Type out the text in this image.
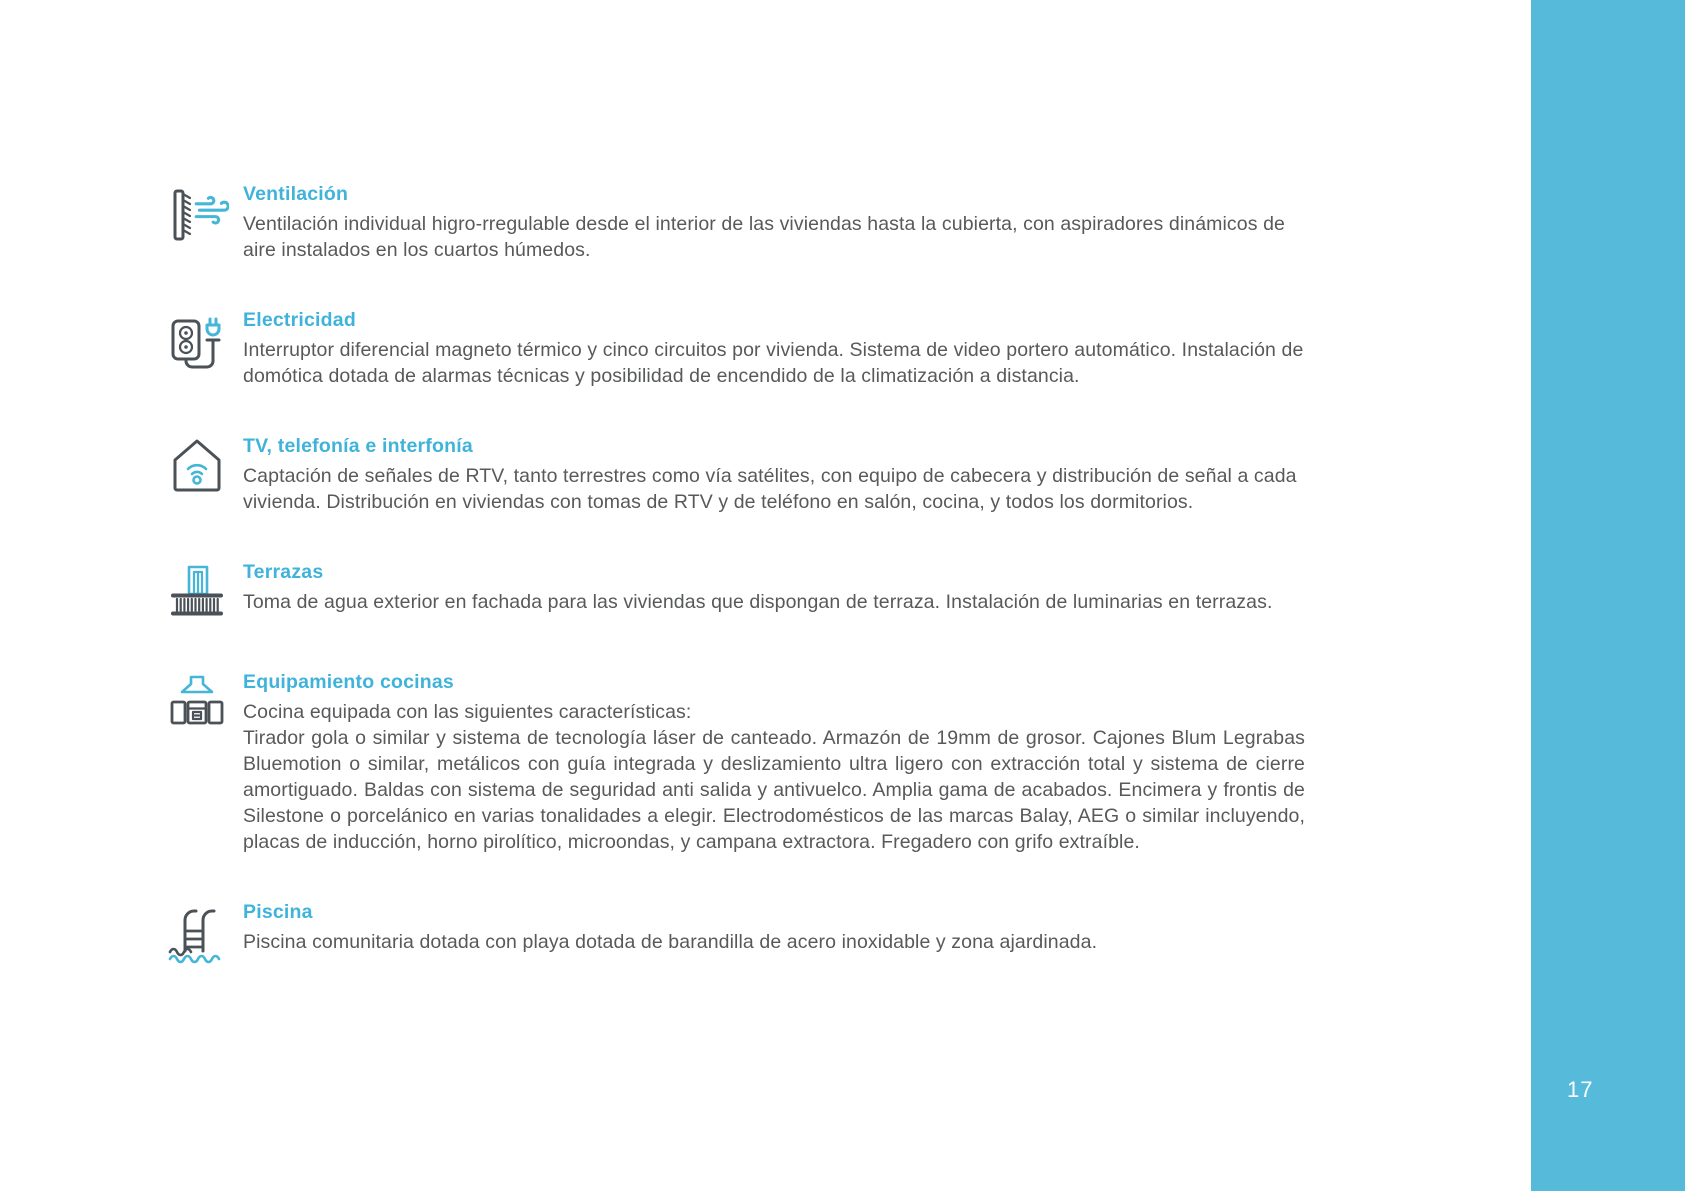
Ventilación

Ventilación individual higro-rregulable desde el interior de las viviendas hasta la cubierta, con aspiradores dinámicos de aire instalados en los cuartos húmedos.

Electricidad

Interruptor diferencial magneto térmico y cinco circuitos por vivienda. Sistema de video portero automático. Instalación de domótica dotada de alarmas técnicas y posibilidad de encendido de la climatización a distancia.

TV, telefonía e interfonía

Captación de señales de RTV, tanto terrestres como vía satélites, con equipo de cabecera y distribución de señal a cada vivienda. Distribución en viviendas con tomas de RTV y de teléfono en salón, cocina, y todos los dormitorios.

Terrazas

Toma de agua exterior en fachada para las viviendas que dispongan de terraza. Instalación de luminarias en terrazas.

Equipamiento cocinas

Cocina equipada con las siguientes características:

Tirador gola o similar y sistema de tecnología láser de canteado. Armazón de 19mm de grosor. Cajones Blum Legrabas Bluemotion o similar, metálicos con guía integrada y deslizamiento ultra ligero con extracción total y sistema de cierre amortiguado. Baldas con sistema de seguridad anti salida y antivuelco. Amplia gama de acabados. Encimera y frontis de Silestone o porcelánico en varias tonalidades a elegir. Electrodomésticos de las marcas Balay, AEG o similar incluyendo, placas de inducción, horno pirolítico, microondas, y campana extractora. Fregadero con grifo extraíble.

Piscina

Piscina comunitaria dotada con playa dotada de barandilla de acero inoxidable y zona ajardinada.

17
